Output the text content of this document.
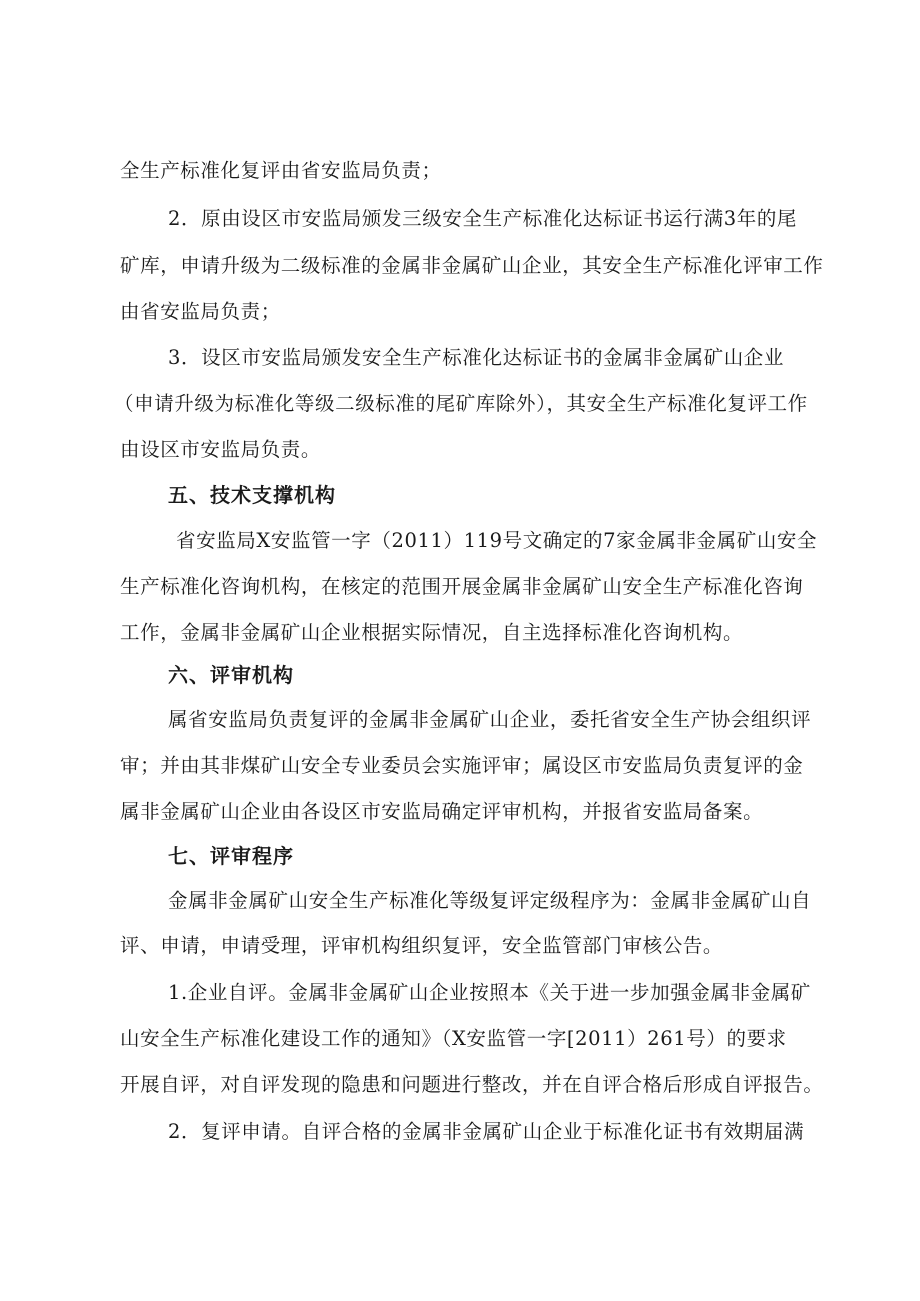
全生产标准化复评由省安监局负责；
2．原由设区市安监局颁发三级安全生产标准化达标证书运行满3年的尾
矿库，申请升级为二级标准的金属非金属矿山企业，其安全生产标准化评审工作
由省安监局负责；
3．设区市安监局颁发安全生产标准化达标证书的金属非金属矿山企业
（申请升级为标准化等级二级标准的尾矿库除外），其安全生产标准化复评工作
由设区市安监局负责。
五、技术支撑机构
省安监局X安监管一字（2011）119号文确定的7家金属非金属矿山安全
生产标准化咨询机构，在核定的范围开展金属非金属矿山安全生产标准化咨询
工作，金属非金属矿山企业根据实际情况，自主选择标准化咨询机构。
六、评审机构
属省安监局负责复评的金属非金属矿山企业，委托省安全生产协会组织评
审；并由其非煤矿山安全专业委员会实施评审；属设区市安监局负责复评的金
属非金属矿山企业由各设区市安监局确定评审机构，并报省安监局备案。
七、评审程序
金属非金属矿山安全生产标准化等级复评定级程序为：金属非金属矿山自
评、申请，申请受理，评审机构组织复评，安全监管部门审核公告。
1.企业自评。金属非金属矿山企业按照本《关于进一步加强金属非金属矿
山安全生产标准化建设工作的通知》（X安监管一字[2011）261号）的要求
开展自评，对自评发现的隐患和问题进行整改，并在自评合格后形成自评报告。
2．复评申请。自评合格的金属非金属矿山企业于标准化证书有效期届满
